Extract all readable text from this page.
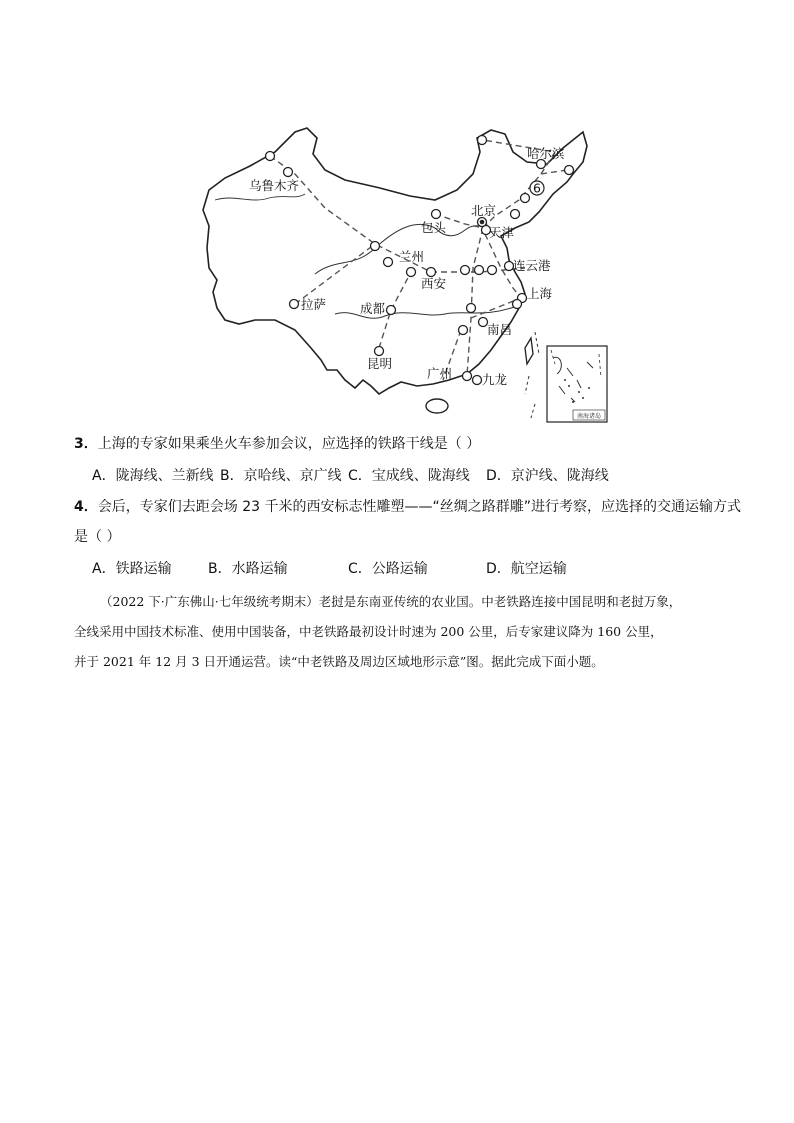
6
哈尔滨
乌鲁木齐
北京
包头	天津
兰州
连云港
西安
拉萨	成都
上海
南昌
昆明
广州 九龙
南海诸岛
3．上海的专家如果乘坐火车参加会议，应选择的铁路干线是（ ）
A．陇海线、兰新线 B．京哈线、京广线 C．宝成线、陇海线 D．京沪线、陇海线
4．会后，专家们去距会场 23 千米的西安标志性雕塑——“丝绸之路群雕”进行考察，应选择的交通运输方式
是（ ）
A．铁路运输	B．水路运输	C．公路运输	D．航空运输
（2022 下·广东佛山·七年级统考期末）老挝是东南亚传统的农业国。中老铁路连接中国昆明和老挝万象，
全线采用中国技术标准、使用中国装备，中老铁路最初设计时速为 200 公里，后专家建议降为 160 公里，
并于 2021 年 12 月 3 日开通运营。读“中老铁路及周边区域地形示意”图。据此完成下面小题。
